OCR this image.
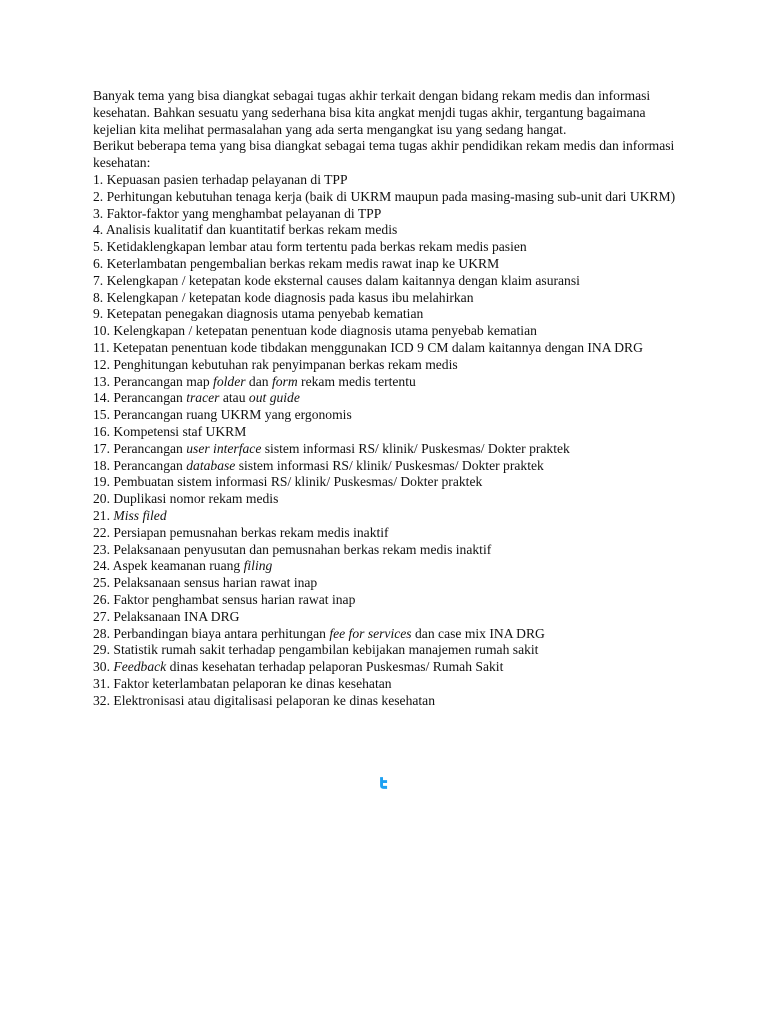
Banyak tema yang bisa diangkat sebagai tugas akhir terkait dengan bidang rekam medis dan informasi kesehatan. Bahkan sesuatu yang sederhana bisa kita angkat menjdi tugas akhir, tergantung bagaimana kejelian kita melihat permasalahan yang ada serta mengangkat isu yang sedang hangat.

Berikut beberapa tema yang bisa diangkat sebagai tema tugas akhir pendidikan rekam medis dan informasi kesehatan:

1. Kepuasan pasien terhadap pelayanan di TPP
2. Perhitungan kebutuhan tenaga kerja (baik di UKRM maupun pada masing-masing sub-unit dari UKRM)
3. Faktor-faktor yang menghambat pelayanan di TPP
4. Analisis kualitatif dan kuantitatif berkas rekam medis
5. Ketidaklengkapan lembar atau form tertentu pada berkas rekam medis pasien
6. Keterlambatan pengembalian berkas rekam medis rawat inap ke UKRM
7. Kelengkapan / ketepatan kode eksternal causes dalam kaitannya dengan klaim asuransi
8. Kelengkapan / ketepatan kode diagnosis pada kasus ibu melahirkan
9. Ketepatan penegakan diagnosis utama penyebab kematian
10. Kelengkapan / ketepatan penentuan kode diagnosis utama penyebab kematian
11. Ketepatan penentuan kode tibdakan menggunakan ICD 9 CM dalam kaitannya dengan INA DRG
12. Penghitungan kebutuhan rak penyimpanan berkas rekam medis
13. Perancangan map folder dan form rekam medis tertentu
14. Perancangan tracer atau out guide
15. Perancangan ruang UKRM yang ergonomis
16. Kompetensi staf UKRM
17. Perancangan user interface sistem informasi RS/ klinik/ Puskesmas/ Dokter praktek
18. Perancangan database sistem informasi RS/ klinik/ Puskesmas/ Dokter praktek
19. Pembuatan sistem informasi RS/ klinik/ Puskesmas/ Dokter praktek
20. Duplikasi nomor rekam medis
21. Miss filed
22. Persiapan pemusnahan berkas rekam medis inaktif
23. Pelaksanaan penyusutan dan pemusnahan berkas rekam medis inaktif
24. Aspek keamanan ruang filing
25. Pelaksanaan sensus harian rawat inap
26. Faktor penghambat sensus harian rawat inap
27. Pelaksanaan INA DRG
28. Perbandingan biaya antara perhitungan fee for services dan case mix INA DRG
29. Statistik rumah sakit terhadap pengambilan kebijakan manajemen rumah sakit
30. Feedback dinas kesehatan terhadap pelaporan Puskesmas/ Rumah Sakit
31. Faktor keterlambatan pelaporan ke dinas kesehatan
32. Elektronisasi atau digitalisasi pelaporan ke dinas kesehatan
